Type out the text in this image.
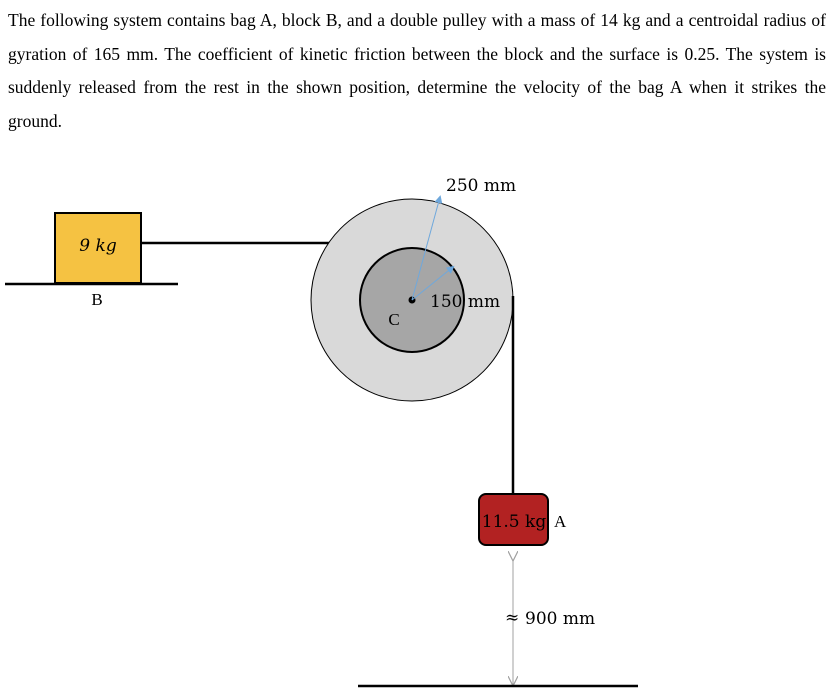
The following system contains bag A, block B, and a double pulley with a mass of 14 kg and a centroidal radius of gyration of 165 mm. The coefficient of kinetic friction between the block and the surface is 0.25. The system is suddenly released from the rest in the shown position, determine the velocity of the bag A when it strikes the ground.
9 kg
B
C
250 mm
150 mm
11.5 kg A
≈ 900 mm
